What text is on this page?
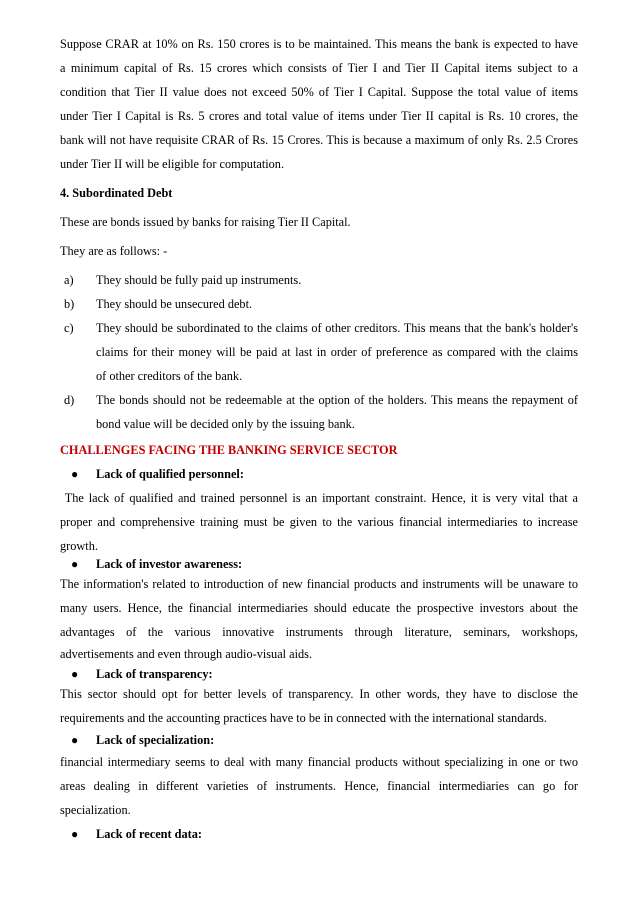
Suppose CRAR at 10% on Rs. 150 crores is to be maintained. This means the bank is expected to have
a minimum capital of Rs. 15 crores which consists of Tier I and Tier II Capital items subject to a
condition that Tier II value does not exceed 50% of Tier I Capital. Suppose the total value of items
under Tier I Capital is Rs. 5 crores and total value of items under Tier II capital is Rs. 10 crores, the
bank will not have requisite CRAR of Rs. 15 Crores. This is because a maximum of only Rs. 2.5 Crores
under Tier II will be eligible for computation.
4. Subordinated Debt
These are bonds issued by banks for raising Tier II Capital.
They are as follows: -
a) They should be fully paid up instruments.
b) They should be unsecured debt.
c) They should be subordinated to the claims of other creditors. This means that the bank's holder's
claims for their money will be paid at last in order of preference as compared with the claims
of other creditors of the bank.
d) The bonds should not be redeemable at the option of the holders. This means the repayment of
bond value will be decided only by the issuing bank.
CHALLENGES FACING THE BANKING SERVICE SECTOR
● Lack of qualified personnel:
The lack of qualified and trained personnel is an important constraint. Hence, it is very vital that a
proper and comprehensive training must be given to the various financial intermediaries to increase
growth.
● Lack of investor awareness:
The information's related to introduction of new financial products and instruments will be unaware to
many users. Hence, the financial intermediaries should educate the prospective investors about the
advantages of the various innovative instruments through literature, seminars, workshops,
advertisements and even through audio-visual aids.
● Lack of transparency:
This sector should opt for better levels of transparency. In other words, they have to disclose the
requirements and the accounting practices have to be in connected with the international standards.
● Lack of specialization:
financial intermediary seems to deal with many financial products without specializing in one or two
areas dealing in different varieties of instruments. Hence, financial intermediaries can go for
specialization.
● Lack of recent data:
